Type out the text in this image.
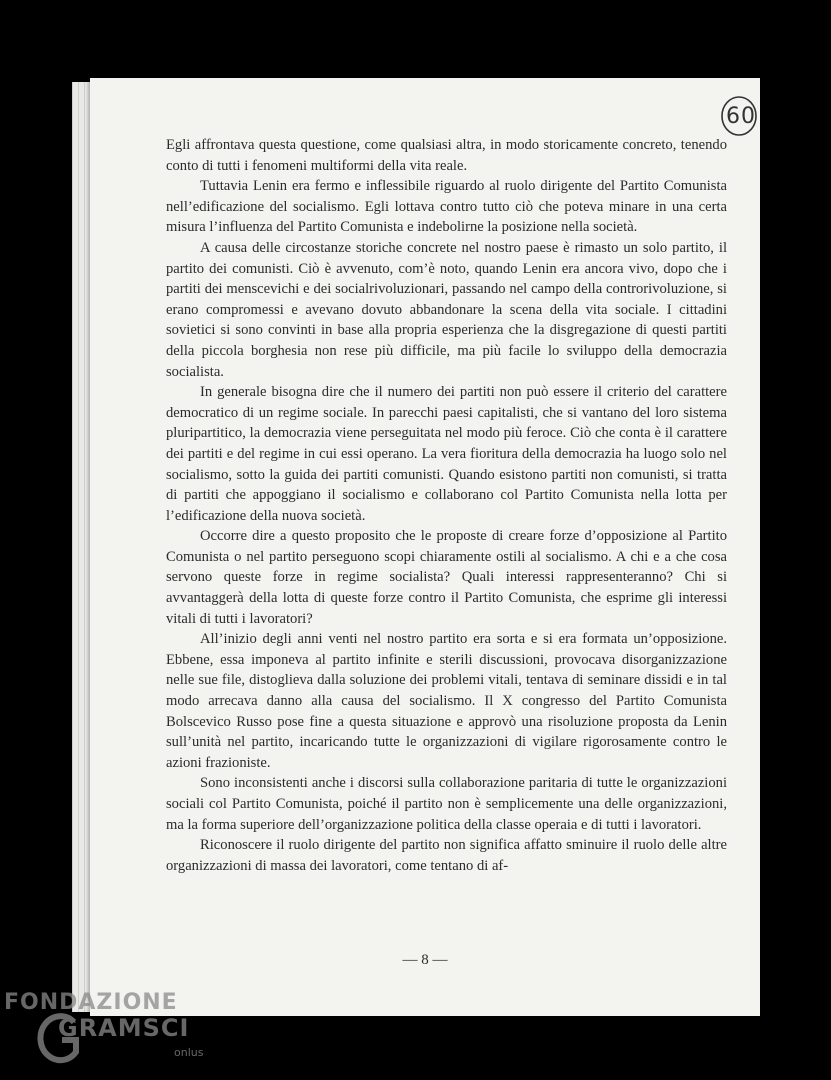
60

Egli affrontava questa questione, come qualsiasi altra, in modo storicamente concreto, tenendo conto di tutti i fenomeni multiformi della vita reale.

Tuttavia Lenin era fermo e inflessibile riguardo al ruolo dirigente del Partito Comunista nell’edificazione del socialismo. Egli lottava contro tutto ciò che poteva minare in una certa misura l’influenza del Partito Comunista e indebolirne la posizione nella società.

A causa delle circostanze storiche concrete nel nostro paese è rimasto un solo partito, il partito dei comunisti. Ciò è avvenuto, com’è noto, quando Lenin era ancora vivo, dopo che i partiti dei menscevichi e dei socialrivoluzionari, passando nel campo della controrivoluzione, si erano compromessi e avevano dovuto abbandonare la scena della vita sociale. I cittadini sovietici si sono convinti in base alla propria esperienza che la disgregazione di questi partiti della piccola borghesia non rese più difficile, ma più facile lo sviluppo della democrazia socialista.

In generale bisogna dire che il numero dei partiti non può essere il criterio del carattere democratico di un regime sociale. In parecchi paesi capitalisti, che si vantano del loro sistema pluripartitico, la democrazia viene perseguitata nel modo più feroce. Ciò che conta è il carattere dei partiti e del regime in cui essi operano. La vera fioritura della democrazia ha luogo solo nel socialismo, sotto la guida dei partiti comunisti. Quando esistono partiti non comunisti, si tratta di partiti che appoggiano il socialismo e collaborano col Partito Comunista nella lotta per l’edificazione della nuova società.

Occorre dire a questo proposito che le proposte di creare forze d’opposizione al Partito Comunista o nel partito perseguono scopi chiaramente ostili al socialismo. A chi e a che cosa servono queste forze in regime socialista? Quali interessi rappresenteranno? Chi si avvantaggerà della lotta di queste forze contro il Partito Comunista, che esprime gli interessi vitali di tutti i lavoratori?

All’inizio degli anni venti nel nostro partito era sorta e si era formata un’opposizione. Ebbene, essa imponeva al partito infinite e sterili discussioni, provocava disorganizzazione nelle sue file, distoglieva dalla soluzione dei problemi vitali, tentava di seminare dissidi e in tal modo arrecava danno alla causa del socialismo. Il X congresso del Partito Comunista Bolscevico Russo pose fine a questa situazione e approvò una risoluzione proposta da Lenin sull’unità nel partito, incaricando tutte le organizzazioni di vigilare rigorosamente contro le azioni frazioniste.

Sono inconsistenti anche i discorsi sulla collaborazione paritaria di tutte le organizzazioni sociali col Partito Comunista, poiché il partito non è semplicemente una delle organizzazioni, ma la forma superiore dell’organizzazione politica della classe operaia e di tutti i lavoratori.

Riconoscere il ruolo dirigente del partito non significa affatto sminuire il ruolo delle altre organizzazioni di massa dei lavoratori, come tentano di af-

— 8 —
FONDAZIONE
GRAMSCI
onlus
